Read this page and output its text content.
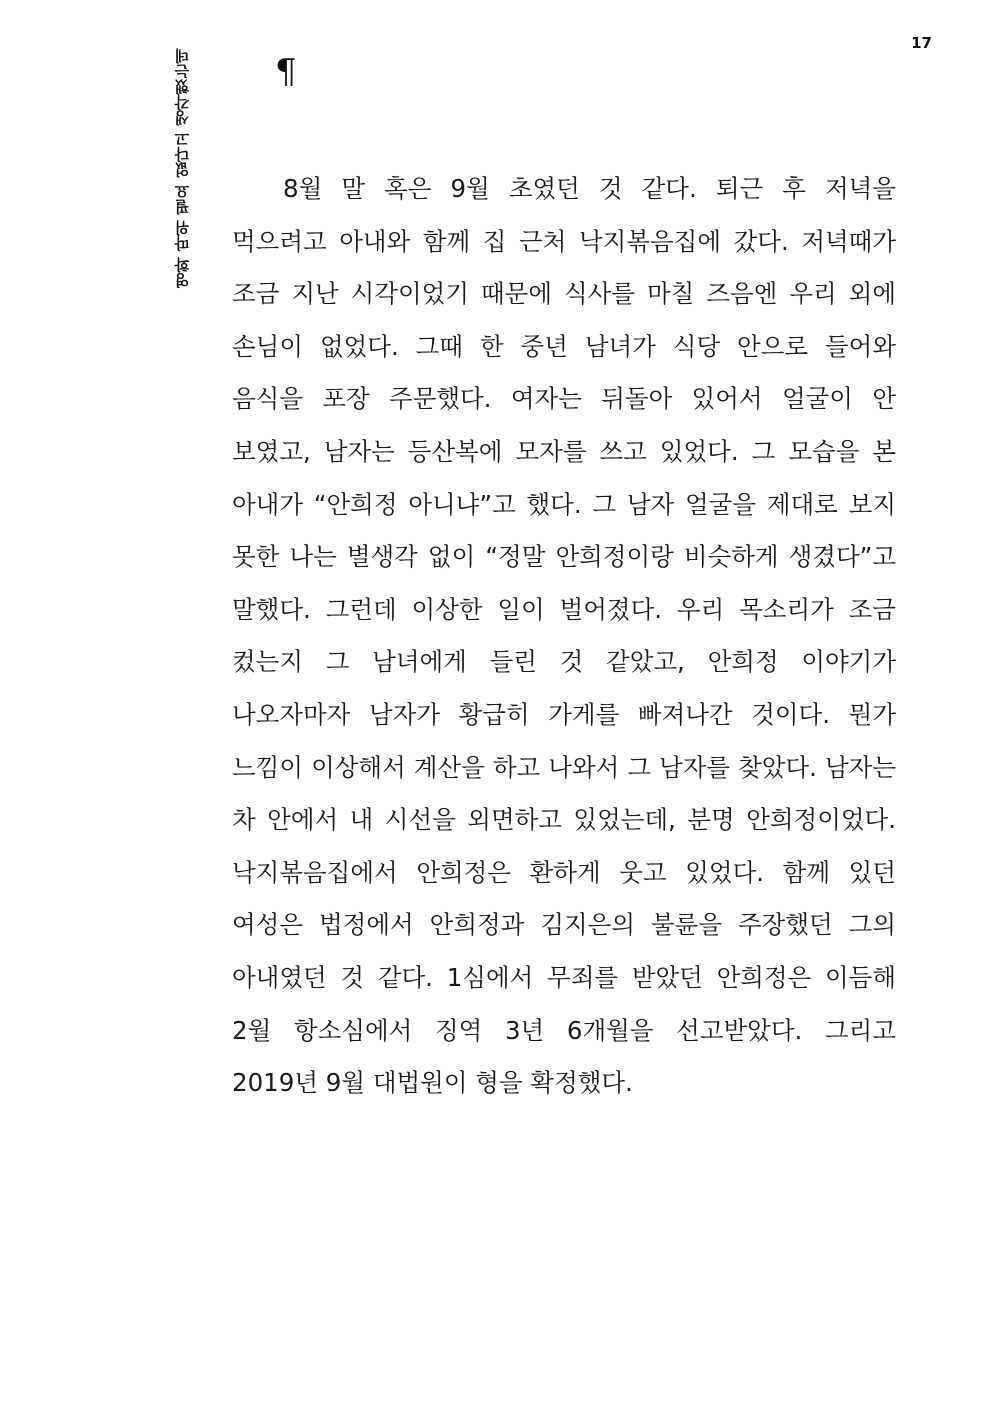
17
영화 따위 필요 없다고 생각했는데 ¶

8월 말 혹은 9월 초였던 것 같다. 퇴근 후 저녁을 먹으려고 아내와 함께 집 근처 낙지볶음집에 갔다. 저녁때가 조금 지난 시각이었기 때문에 식사를 마칠 즈음엔 우리 외에 손님이 없었다. 그때 한 중년 남녀가 식당 안으로 들어와 음식을 포장 주문했다. 여자는 뒤돌아 있어서 얼굴이 안 보였고, 남자는 등산복에 모자를 쓰고 있었다. 그 모습을 본 아내가 “안희정 아니냐”고 했다. 그 남자 얼굴을 제대로 보지 못한 나는 별생각 없이 “정말 안희정이랑 비슷하게 생겼다”고 말했다. 그런데 이상한 일이 벌어졌다. 우리 목소리가 조금 컸는지 그 남녀에게 들린 것 같았고, 안희정 이야기가 나오자마자 남자가 황급히 가게를 빠져나간 것이다. 뭔가 느낌이 이상해서 계산을 하고 나와서 그 남자를 찾았다. 남자는 차 안에서 내 시선을 외면하고 있었는데, 분명 안희정이었다. 낙지볶음집에서 안희정은 환하게 웃고 있었다. 함께 있던 여성은 법정에서 안희정과 김지은의 불륜을 주장했던 그의 아내였던 것 같다. 1심에서 무죄를 받았던 안희정은 이듬해 2월 항소심에서 징역 3년 6개월을 선고받았다. 그리고 2019년 9월 대법원이 형을 확정했다.
